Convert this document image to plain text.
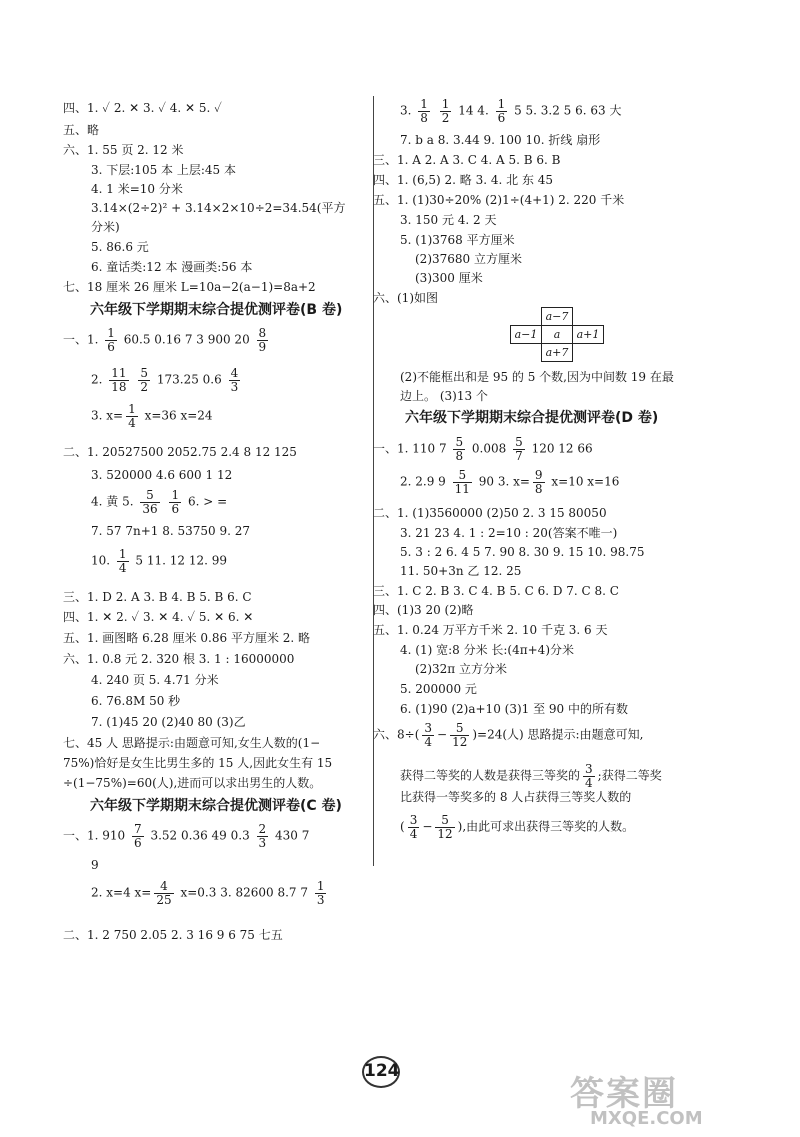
四、1. ✓ 2. ✕ 3. ✓ 4. ✕ 5. ✓
五、略
六、1. 55 页 2. 12 米
3. 下层:105 本 上层:45 本
4. 1 米=10 分米
3.14×(2÷2)² + 3.14×2×10÷2=34.54(平方
分米)
5. 86.6 元
6. 童话类:12 本 漫画类:56 本
七、18 厘米 26 厘米 L=10a−2(a−1)=8a+2
六年级下学期期末综合提优测评卷(B 卷)
一、1. $\frac{1}{6} 60.5$ 0.16 7 3 900 $20 \frac{8}{9}$
2. $\frac{11}{18}$
$\frac{5}{2} 173.25$ $0.6 \frac{4}{3}$
3. $x= \frac{1}{4} x=36$ x=24
二、1. 20527500 2052.75 2.4 8 12 125
3. 520000 4.6 600 1 12
4. 黄 5. $\frac{5}{36}$
$\frac{1}{6} 6$. > =
7. 57 7n+1 8. 53750 9. 27
10. $\frac{1}{4} 5$ 11. 12 12. 99
三、1. D 2. A 3. B 4. B 5. B 6. C
四、1. ✕ 2. ✓ 3. ✕ 4. ✓ 5. ✕ 6. ✕
五、1. 画图略 6.28 厘米 0.86 平方厘米 2. 略
六、1. 0.8 元 2. 320 根 3. 1 : 16000000
4. 240 页 5. 4.71 分米
6. 76.8M 50 秒
7. (1)45 20 (2)40 80 (3)乙
七、45 人 思路提示:由题意可知,女生人数的(1−
75%)恰好是女生比男生多的 15 人,因此女生有 15
÷(1−75%)=60(人),进而可以求出男生的人数。
六年级下学期期末综合提优测评卷(C 卷)
一、1. $910 \frac{7}{6} 3.52$ 0.36 49 $0.3 \frac{2}{3} 430$ 7
9
2. x=4 $x= \frac{4}{25} x=0.3$ 3. 82600 8.7 $7 \frac{1}{3}$
二、1. 2 750 2.05 2. 3 16 9 6 75 七五
3. $\frac{1}{8}$
$\frac{1}{2} 14$ 4. $\frac{1}{6} 5$ 5. 3.2 5 6. 63 大
7. b a 8. 3.44 9. 100 10. 折线 扇形
三、1. A 2. A 3. C 4. A 5. B 6. B
四、1. (6,5) 2. 略 3. 4. 北 东 45
五、1. (1)30÷20% (2)1÷(4+1) 2. 220 千米
3. 150 元 4. 2 天
5. (1)3768 平方厘米
(2)37680 立方厘米
(3)300 厘米
六、(1)如图
	a−7	
a−1	a	a+1
	a+7	
(2)不能框出和是 95 的 5 个数,因为中间数 19 在最
边上。 (3)13 个
六年级下学期期末综合提优测评卷(D 卷)
一、1. 110 $7 \frac{5}{8} 0.008 \frac{5}{7} 120$ 12 66
2. 2.9 $9 \frac{5}{11} 90$ 3. $x= \frac{9}{8} x=10$ x=16
二、1. (1)3560000 (2)50 2. 3 15 80050
3. 21 23 4. 1 : 2=10 : 20(答案不唯一)
5. 3 : 2 6. 4 5 7. 90 8. 30 9. 15 10. 98.75
11. 50+3n 乙 12. 25
三、1. C 2. B 3. C 4. B 5. C 6. D 7. C 8. C
四、(1)3 20 (2)略
五、1. 0.24 万平方千米 2. 10 千克 3. 6 天
4. (1) 宽:8 分米 长:(4π+4)分米
(2)32π 立方分米
5. 200000 元
6. (1)90 (2)a+10 (3)1 至 90 中的所有数
六、$8\div( \frac{3}{4} - \frac{5}{12} )=24$(人) 思路提示:由题意可知,
获得二等奖的人数是获得三等奖的 $\frac{3}{4}$ ;获得二等奖
比获得一等奖多的 8 人占获得三等奖人数的
( $\frac{3}{4} - \frac{5}{12}$ ),由此可求出获得三等奖的人数。
124
答案圈
MXQE.COM
